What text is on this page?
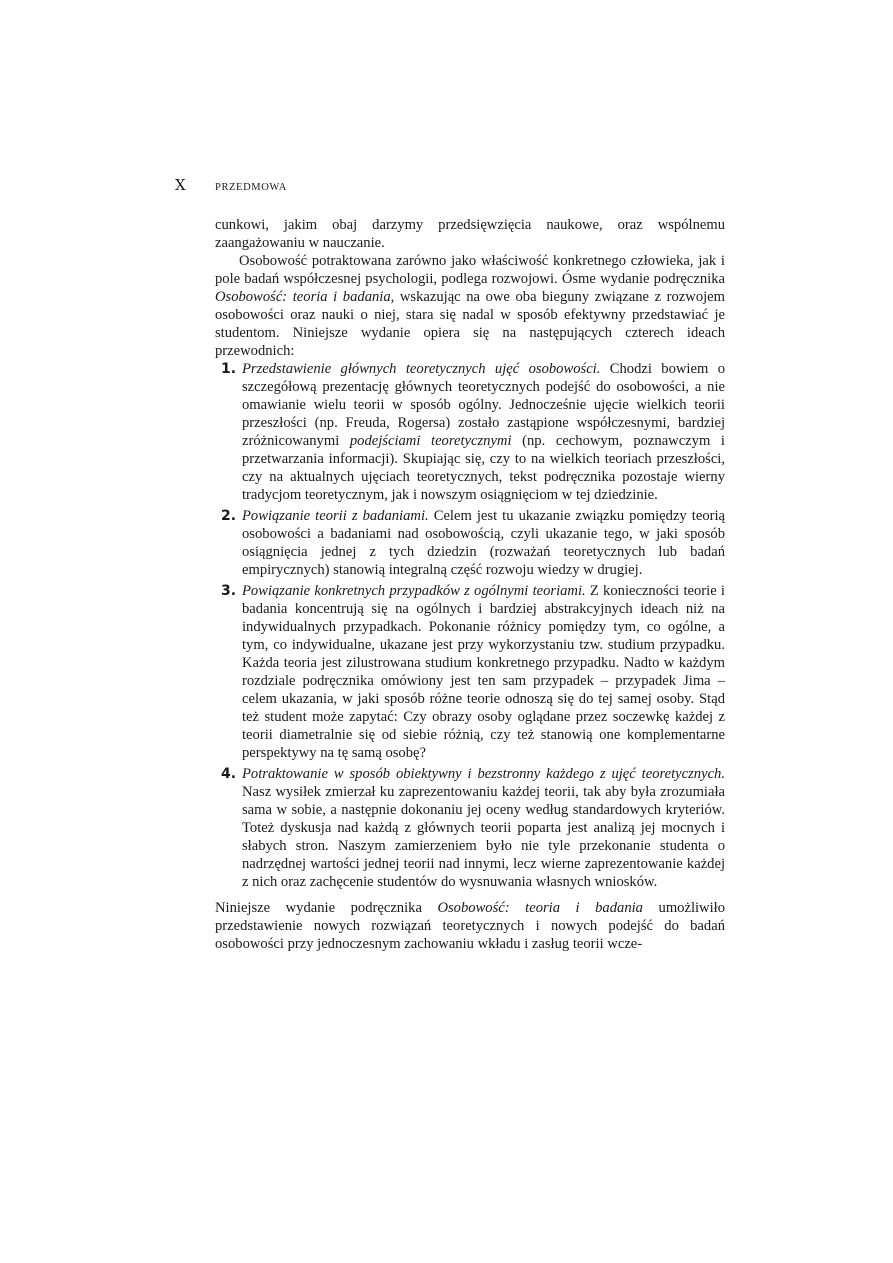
X	PRZEDMOWA

cunkowi, jakim obaj darzymy przedsięwzięcia naukowe, oraz wspólnemu zaangażowaniu w nauczanie.

Osobowość potraktowana zarówno jako właściwość konkretnego człowieka, jak i pole badań współczesnej psychologii, podlega rozwojowi. Ósme wydanie podręcznika Osobowość: teoria i badania, wskazując na owe oba bieguny związane z rozwojem osobowości oraz nauki o niej, stara się nadal w sposób efektywny przedstawiać je studentom. Niniejsze wydanie opiera się na następujących czterech ideach przewodnich:

1. Przedstawienie głównych teoretycznych ujęć osobowości. Chodzi bowiem o szczegółową prezentację głównych teoretycznych podejść do osobowości, a nie omawianie wielu teorii w sposób ogólny. Jednocześnie ujęcie wielkich teorii przeszłości (np. Freuda, Rogersa) zostało zastąpione współczesnymi, bardziej zróżnicowanymi podejściami teoretycznymi (np. cechowym, poznawczym i przetwarzania informacji). Skupiając się, czy to na wielkich teoriach przeszłości, czy na aktualnych ujęciach teoretycznych, tekst podręcznika pozostaje wierny tradycjom teoretycznym, jak i nowszym osiągnięciom w tej dziedzinie.
2. Powiązanie teorii z badaniami. Celem jest tu ukazanie związku pomiędzy teorią osobowości a badaniami nad osobowością, czyli ukazanie tego, w jaki sposób osiągnięcia jednej z tych dziedzin (rozważań teoretycznych lub badań empirycznych) stanowią integralną część rozwoju wiedzy w drugiej.
3. Powiązanie konkretnych przypadków z ogólnymi teoriami. Z konieczności teorie i badania koncentrują się na ogólnych i bardziej abstrakcyjnych ideach niż na indywidualnych przypadkach. Pokonanie różnicy pomiędzy tym, co ogólne, a tym, co indywidualne, ukazane jest przy wykorzystaniu tzw. studium przypadku. Każda teoria jest zilustrowana studium konkretnego przypadku. Nadto w każdym rozdziale podręcznika omówiony jest ten sam przypadek – przypadek Jima – celem ukazania, w jaki sposób różne teorie odnoszą się do tej samej osoby. Stąd też student może zapytać: Czy obrazy osoby oglądane przez soczewkę każdej z teorii diametralnie się od siebie różnią, czy też stanowią one komplementarne perspektywy na tę samą osobę?
4. Potraktowanie w sposób obiektywny i bezstronny każdego z ujęć teoretycznych. Nasz wysiłek zmierzał ku zaprezentowaniu każdej teorii, tak aby była zrozumiała sama w sobie, a następnie dokonaniu jej oceny według standardowych kryteriów. Toteż dyskusja nad każdą z głównych teorii poparta jest analizą jej mocnych i słabych stron. Naszym zamierzeniem było nie tyle przekonanie studenta o nadrzędnej wartości jednej teorii nad innymi, lecz wierne zaprezentowanie każdej z nich oraz zachęcenie studentów do wysnuwania własnych wniosków.

Niniejsze wydanie podręcznika Osobowość: teoria i badania umożliwiło przedstawienie nowych rozwiązań teoretycznych i nowych podejść do badań osobowości przy jednoczesnym zachowaniu wkładu i zasług teorii wcze-
